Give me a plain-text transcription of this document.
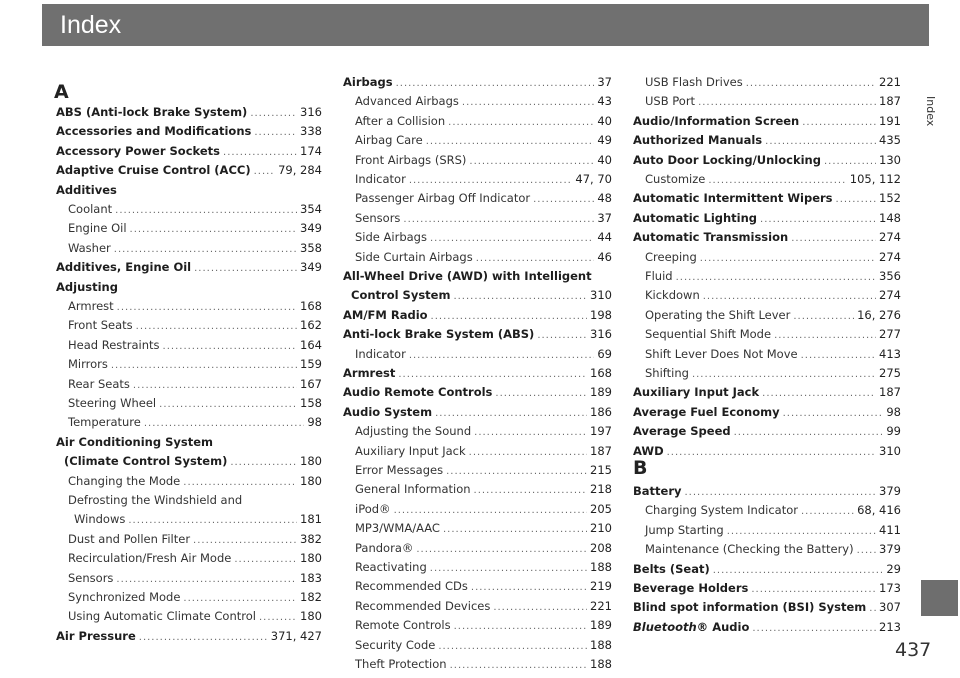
Index
Index
437
A
ABS (Anti-lock Brake System) .....	316
Accessories and Modifications .....	338
Accessory Power Sockets .....	174
Adaptive Cruise Control (ACC) ..... 79, 284
Additives
Coolant .....	354
Engine Oil .....	349
Washer .....	358
Additives, Engine Oil .....	349
Adjusting
Armrest .....	168
Front Seats .....	162
Head Restraints .....	164
Mirrors .....	159
Rear Seats .....	167
Steering Wheel .....	158
Temperature .....	98
Air Conditioning System
(Climate Control System) .....	180
Changing the Mode .....	180
Defrosting the Windshield and
Windows .....	181
Dust and Pollen Filter .....	382
Recirculation/Fresh Air Mode .....	180
Sensors .....	183
Synchronized Mode .....	182
Using Automatic Climate Control .....	180
Air Pressure .....	371, 427
Airbags .....	37
Advanced Airbags .....	43
After a Collision .....	40
Airbag Care .....	49
Front Airbags (SRS) .....	40
Indicator .....	47, 70
Passenger Airbag Off Indicator .....	48
Sensors .....	37
Side Airbags .....	44
Side Curtain Airbags .....	46
All-Wheel Drive (AWD) with Intelligent
Control System .....	310
AM/FM Radio .....	198
Anti-lock Brake System (ABS) .....	316
Indicator .....	69
Armrest .....	168
Audio Remote Controls .....	189
Audio System .....	186
Adjusting the Sound .....	197
Auxiliary Input Jack .....	187
Error Messages .....	215
General Information .....	218
iPod® .....	205
MP3/WMA/AAC .....	210
Pandora® .....	208
Reactivating .....	188
Recommended CDs .....	219
Recommended Devices .....	221
Remote Controls .....	189
Security Code .....	188
Theft Protection .....	188
USB Flash Drives .....	221
USB Port .....	187
Audio/Information Screen .....	191
Authorized Manuals .....	435
Auto Door Locking/Unlocking .....	130
Customize .....	105, 112
Automatic Intermittent Wipers .....	152
Automatic Lighting .....	148
Automatic Transmission .....	274
Creeping .....	274
Fluid .....	356
Kickdown .....	274
Operating the Shift Lever .....	16, 276
Sequential Shift Mode .....	277
Shift Lever Does Not Move .....	413
Shifting .....	275
Auxiliary Input Jack .....	187
Average Fuel Economy .....	98
Average Speed .....	99
AWD .....	310
B
Battery .....	379
Charging System Indicator .....	68, 416
Jump Starting .....	411
Maintenance (Checking the Battery) ..... 379
Belts (Seat) .....	29
Beverage Holders .....	173
Blind spot information (BSI) System ..... 307
Bluetooth® Audio .....	213
